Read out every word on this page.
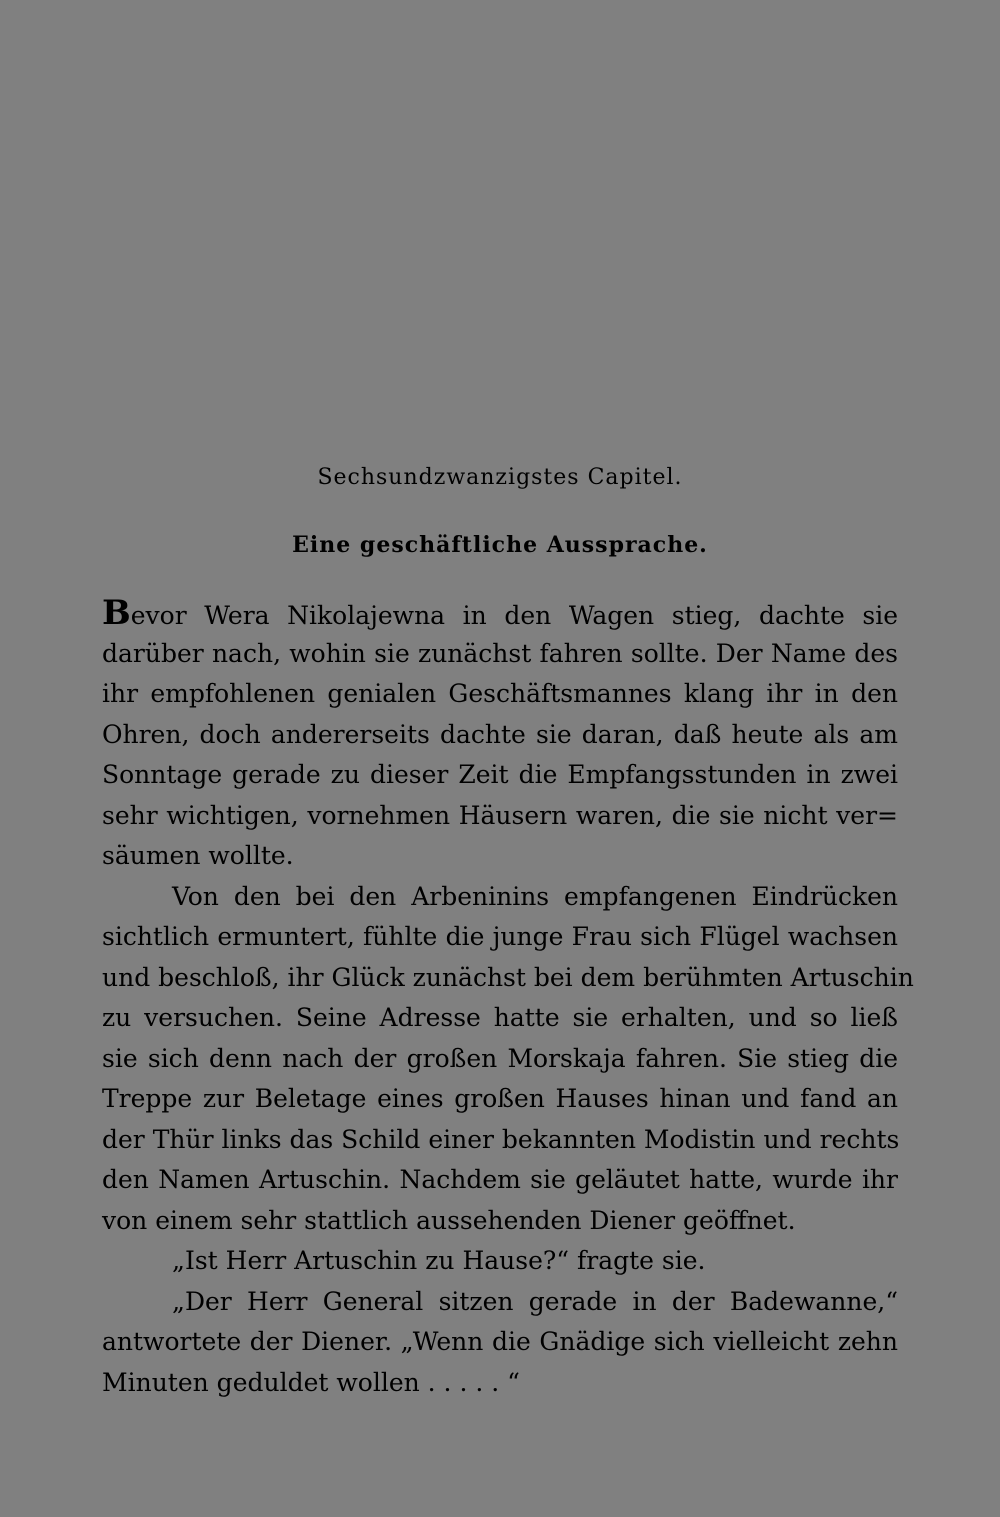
Sechsundzwanzigstes Capitel.
Eine geschäftliche Aussprache.
Bevor Wera Nikolajewna in den Wagen stieg, dachte sie
darüber nach, wohin sie zunächst fahren sollte. Der Name des
ihr empfohlenen genialen Geschäftsmannes klang ihr in den
Ohren, doch andererseits dachte sie daran, daß heute als am
Sonntage gerade zu dieser Zeit die Empfangsstunden in zwei
sehr wichtigen, vornehmen Häusern waren, die sie nicht ver=
säumen wollte.
Von den bei den Arbeninins empfangenen Eindrücken
sichtlich ermuntert, fühlte die junge Frau sich Flügel wachsen
und beschloß, ihr Glück zunächst bei dem berühmten Artuschin
zu versuchen. Seine Adresse hatte sie erhalten, und so ließ
sie sich denn nach der großen Morskaja fahren. Sie stieg die
Treppe zur Beletage eines großen Hauses hinan und fand an
der Thür links das Schild einer bekannten Modistin und rechts
den Namen Artuschin. Nachdem sie geläutet hatte, wurde ihr
von einem sehr stattlich aussehenden Diener geöffnet.
„Ist Herr Artuschin zu Hause?“ fragte sie.
„Der Herr General sitzen gerade in der Badewanne,“
antwortete der Diener. „Wenn die Gnädige sich vielleicht zehn
Minuten geduldet wollen . . . . . “
